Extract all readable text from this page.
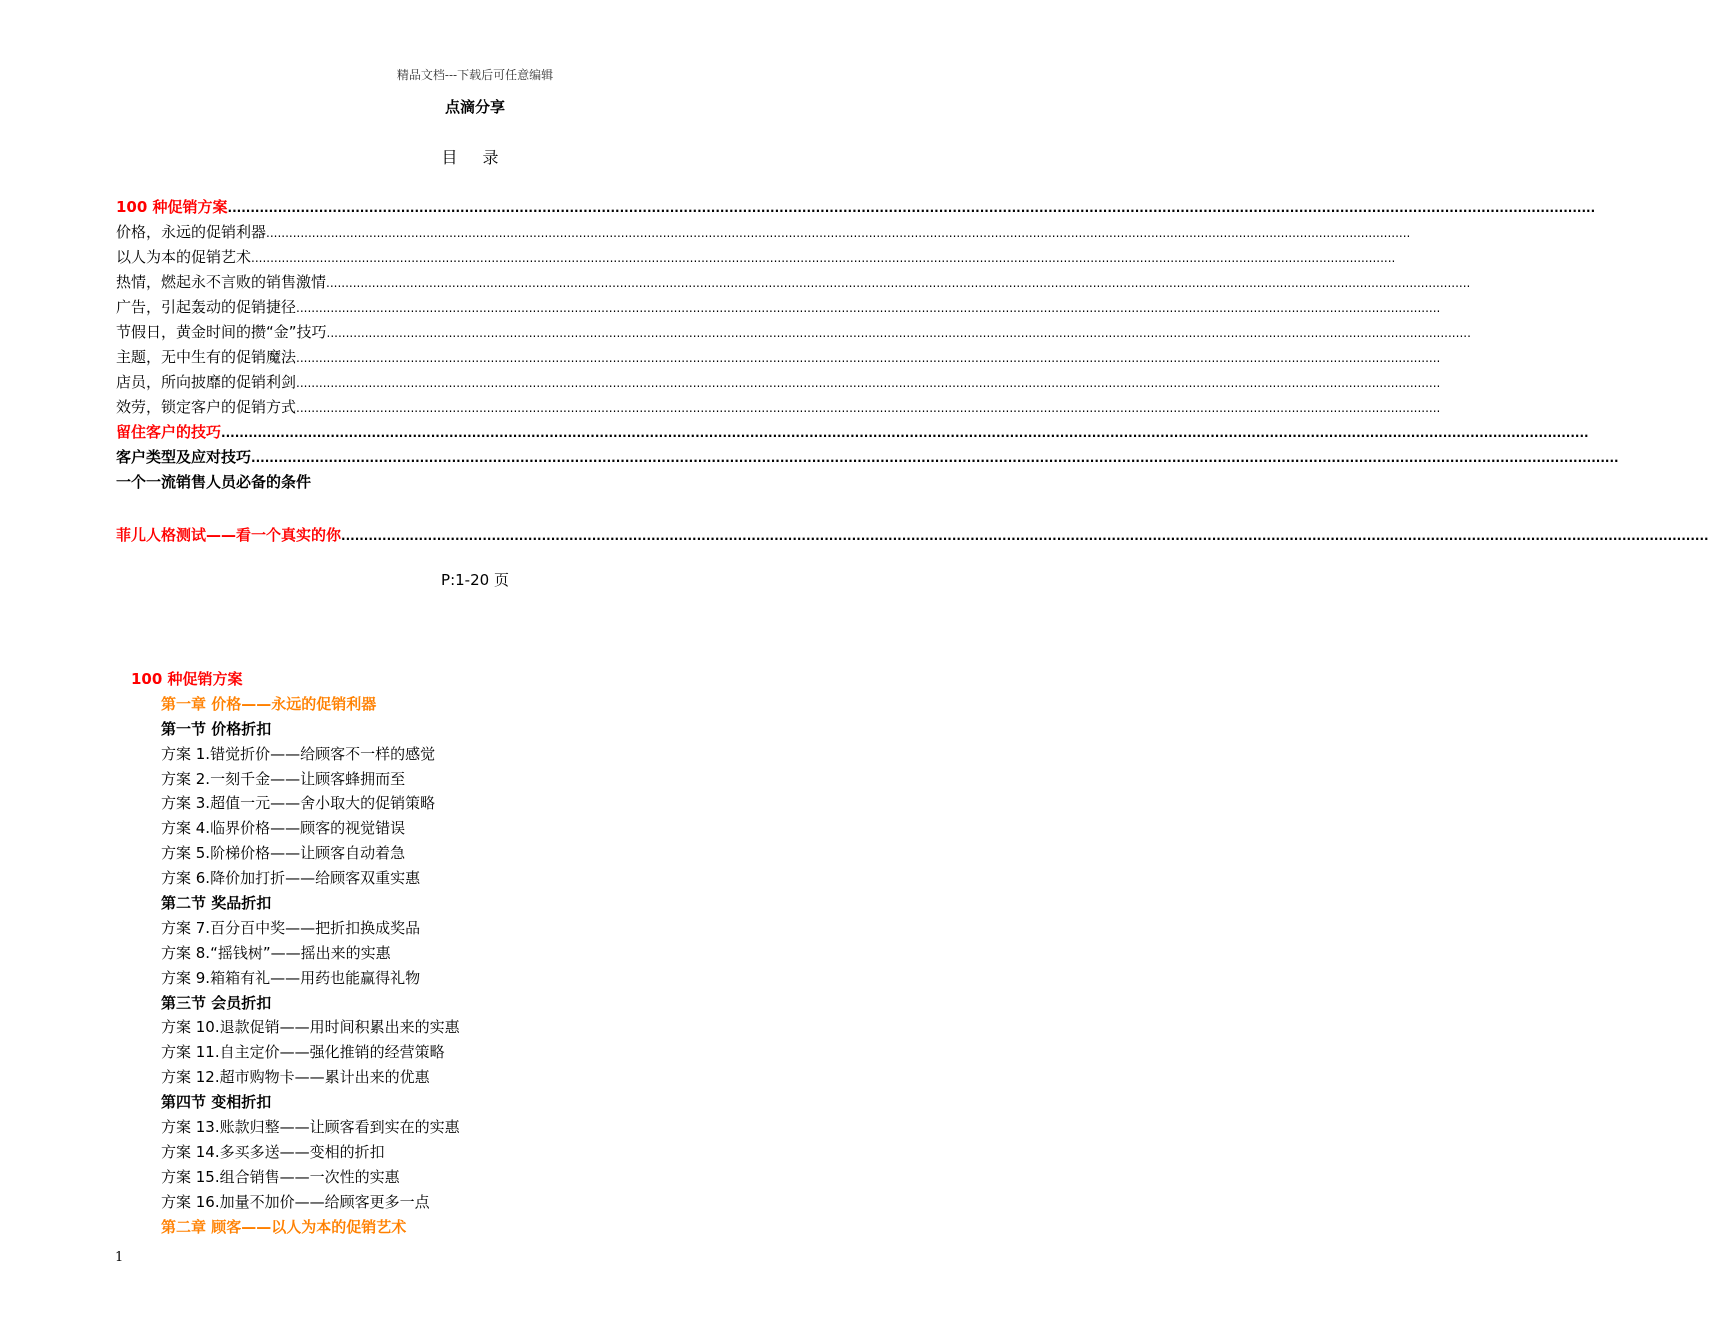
精品文档---下载后可任意编辑
点滴分享
目 录
100 种促销方案 ............................................................................................................................................................................................................................................................................................................
价格，永远的促销利器 ............................................................................................................................................................................................................................................................................................................
以人为本的促销艺术 ............................................................................................................................................................................................................................................................................................................
热情，燃起永不言败的销售激情 ............................................................................................................................................................................................................................................................................................................
广告，引起轰动的促销捷径 ............................................................................................................................................................................................................................................................................................................
节假日，黄金时间的攒“金”技巧 ............................................................................................................................................................................................................................................................................................................
主题，无中生有的促销魔法 ............................................................................................................................................................................................................................................................................................................
店员，所向披靡的促销利剑 ............................................................................................................................................................................................................................................................................................................
效劳，锁定客户的促销方式 ............................................................................................................................................................................................................................................................................................................
留住客户的技巧 ............................................................................................................................................................................................................................................................................................................
客户类型及应对技巧 ............................................................................................................................................................................................................................................................................................................
一个一流销售人员必备的条件
菲儿人格测试——看一个真实的你 ............................................................................................................................................................................................................................................................................................................
P:1-20 页
100 种促销方案
第一章 价格——永远的促销利器
第一节 价格折扣
方案 1.错觉折价——给顾客不一样的感觉
方案 2.一刻千金——让顾客蜂拥而至
方案 3.超值一元——舍小取大的促销策略
方案 4.临界价格——顾客的视觉错误
方案 5.阶梯价格——让顾客自动着急
方案 6.降价加打折——给顾客双重实惠
第二节 奖品折扣
方案 7.百分百中奖——把折扣换成奖品
方案 8.“摇钱树”——摇出来的实惠
方案 9.箱箱有礼——用药也能赢得礼物
第三节 会员折扣
方案 10.退款促销——用时间积累出来的实惠
方案 11.自主定价——强化推销的经营策略
方案 12.超市购物卡——累计出来的优惠
第四节 变相折扣
方案 13.账款归整——让顾客看到实在的实惠
方案 14.多买多送——变相的折扣
方案 15.组合销售——一次性的实惠
方案 16.加量不加价——给顾客更多一点
第二章 顾客——以人为本的促销艺术
1
